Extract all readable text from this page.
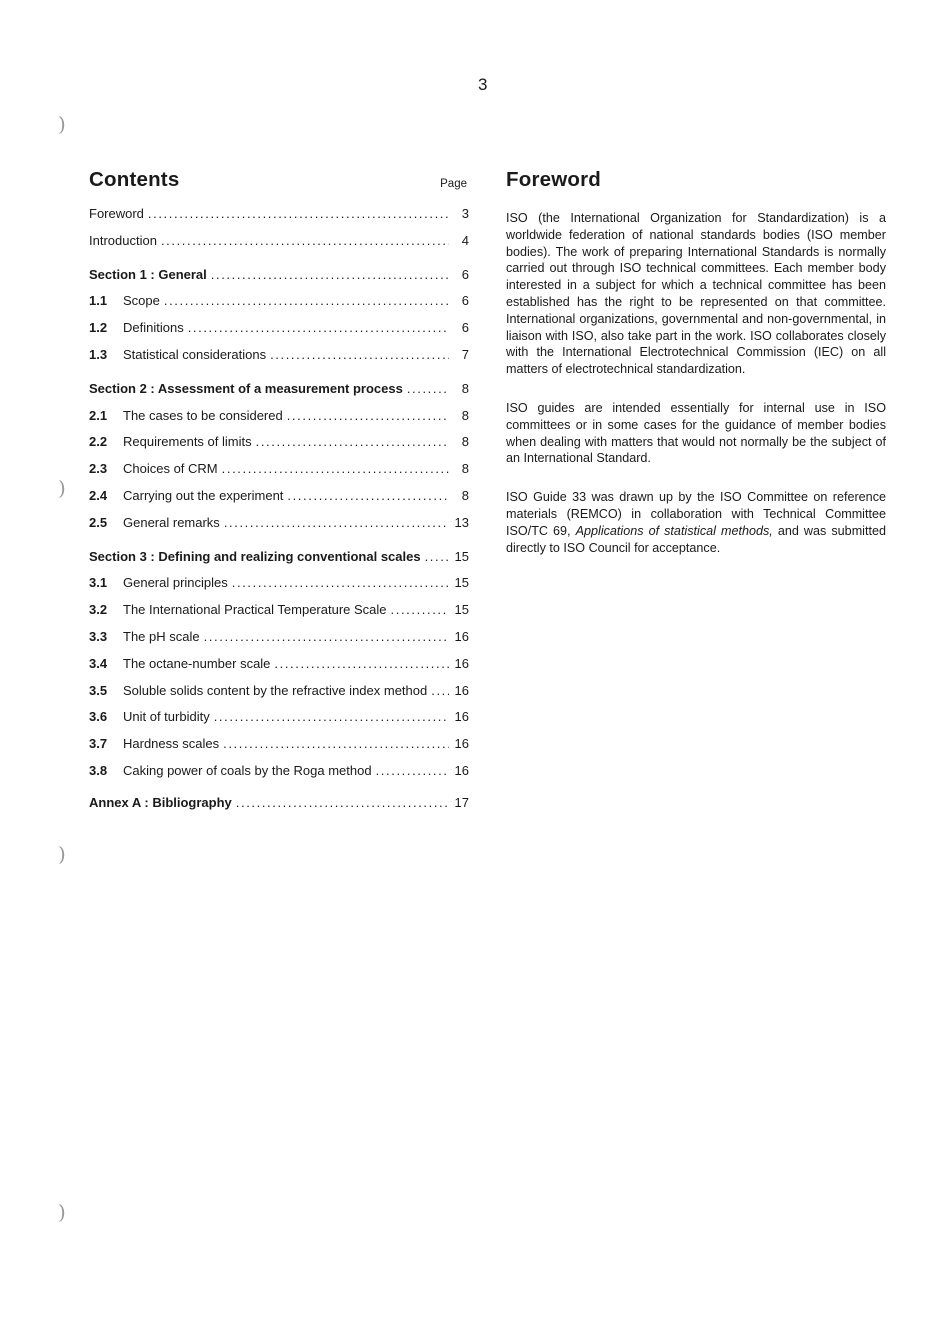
3
)
)
)
)
Contents	Page
Foreword .....	3
Introduction .....	4
Section 1 : General .....	6
1.1	Scope .....	6
1.2	Definitions .....	6
1.3	Statistical considerations .....	7
Section 2 : Assessment of a measurement process .....	8
2.1	The cases to be considered .....	8
2.2	Requirements of limits .....	8
2.3	Choices of CRM .....	8
2.4	Carrying out the experiment .....	8
2.5	General remarks .....	13
Section 3 : Defining and realizing conventional scales .....	15
3.1	General principles .....	15
3.2	The International Practical Temperature Scale .....	15
3.3	The pH scale .....	16
3.4	The octane-number scale .....	16
3.5	Soluble solids content by the refractive index method .....	16
3.6	Unit of turbidity .....	16
3.7	Hardness scales .....	16
3.8	Caking power of coals by the Roga method .....	16
Annex A : Bibliography .....	17
Foreword

ISO (the International Organization for Standardization) is a worldwide federation of national standards bodies (ISO member bodies). The work of preparing International Standards is normally carried out through ISO technical committees. Each member body interested in a subject for which a technical committee has been established has the right to be represented on that committee. International organizations, governmental and non-governmental, in liaison with ISO, also take part in the work. ISO collaborates closely with the International Electrotechnical Commission (IEC) on all matters of electrotechnical standardization.

ISO guides are intended essentially for internal use in ISO committees or in some cases for the guidance of member bodies when dealing with matters that would not normally be the subject of an International Standard.

ISO Guide 33 was drawn up by the ISO Committee on reference materials (REMCO) in collaboration with Technical Committee ISO/TC 69, Applications of statistical methods, and was submitted directly to ISO Council for acceptance.
